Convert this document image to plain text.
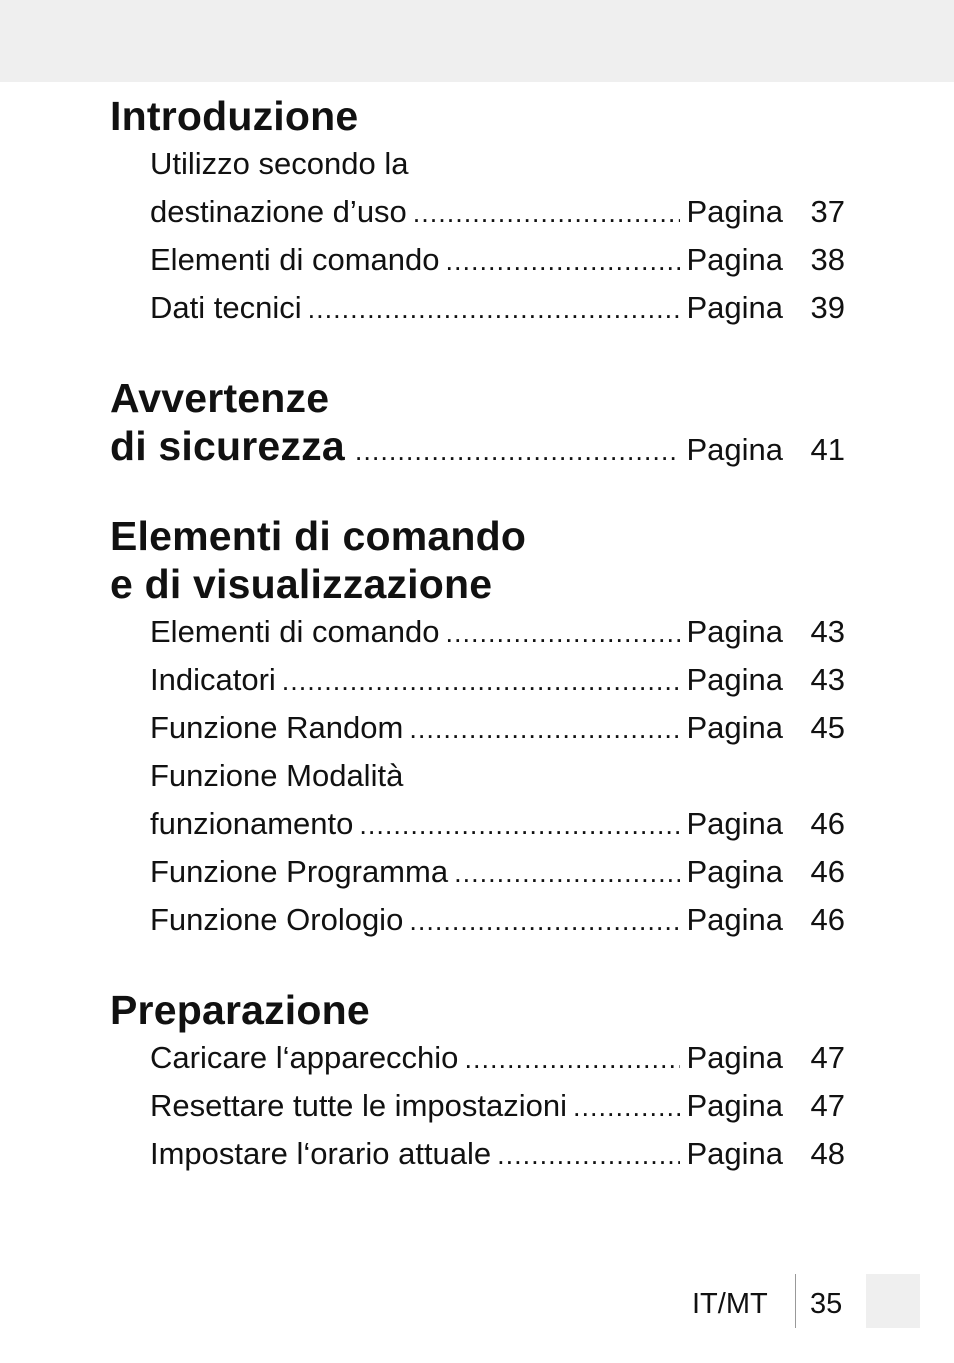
Introduzione
Utilizzo secondo la
destinazione d’uso .....	Pagina 37
Elementi di comando .....	Pagina 38
Dati tecnici .....	Pagina 39
Avvertenze
di sicurezza .....	Pagina 41
Elementi di comando
e di visualizzazione
Elementi di comando .....	Pagina 43
Indicatori .....	Pagina 43
Funzione Random .....	Pagina 45
Funzione Modalità
funzionamento .....	Pagina 46
Funzione Programma .....	Pagina 46
Funzione Orologio .....	Pagina 46
Preparazione
Caricare l‘apparecchio .....	Pagina 47
Resettare tutte le impostazioni .....	Pagina 47
Impostare l‘orario attuale .....	Pagina 48
IT/MT 35
